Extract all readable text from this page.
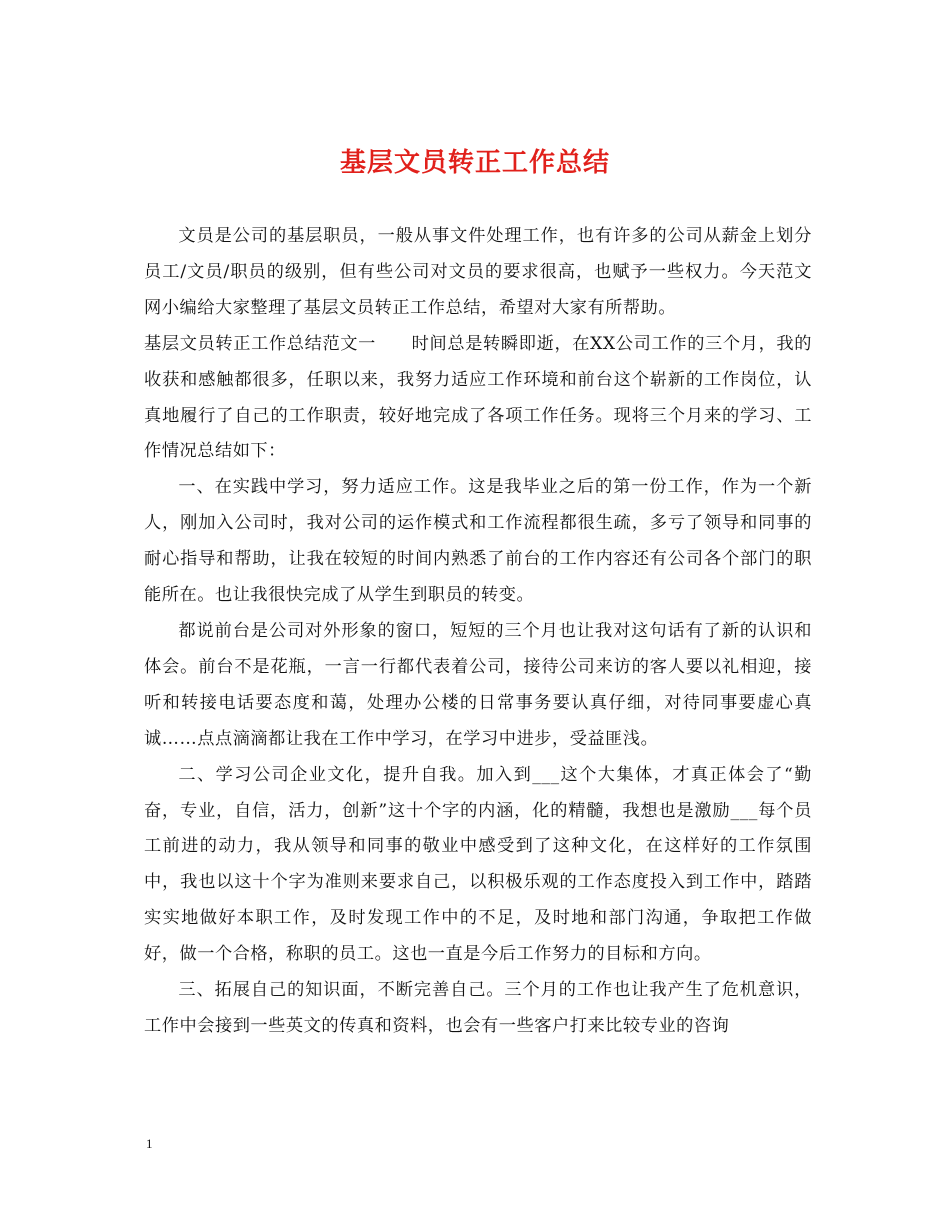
基层文员转正工作总结

文员是公司的基层职员，一般从事文件处理工作，也有许多的公司从薪金上划分员工/文员/职员的级别，但有些公司对文员的要求很高，也赋予一些权力。今天范文网小编给大家整理了基层文员转正工作总结，希望对大家有所帮助。

基层文员转正工作总结范文一　　时间总是转瞬即逝，在XX公司工作的三个月，我的收获和感触都很多，任职以来，我努力适应工作环境和前台这个崭新的工作岗位，认真地履行了自己的工作职责，较好地完成了各项工作任务。现将三个月来的学习、工作情况总结如下：

一、在实践中学习，努力适应工作。这是我毕业之后的第一份工作，作为一个新人，刚加入公司时，我对公司的运作模式和工作流程都很生疏，多亏了领导和同事的耐心指导和帮助，让我在较短的时间内熟悉了前台的工作内容还有公司各个部门的职能所在。也让我很快完成了从学生到职员的转变。

都说前台是公司对外形象的窗口，短短的三个月也让我对这句话有了新的认识和体会。前台不是花瓶，一言一行都代表着公司，接待公司来访的客人要以礼相迎，接听和转接电话要态度和蔼，处理办公楼的日常事务要认真仔细，对待同事要虚心真诚……点点滴滴都让我在工作中学习，在学习中进步，受益匪浅。

二、学习公司企业文化，提升自我。加入到___这个大集体，才真正体会了“勤奋，专业，自信，活力，创新”这十个字的内涵，化的精髓，我想也是激励___每个员工前进的动力，我从领导和同事的敬业中感受到了这种文化，在这样好的工作氛围中，我也以这十个字为准则来要求自己，以积极乐观的工作态度投入到工作中，踏踏实实地做好本职工作，及时发现工作中的不足，及时地和部门沟通，争取把工作做好，做一个合格，称职的员工。这也一直是今后工作努力的目标和方向。

三、拓展自己的知识面，不断完善自己。三个月的工作也让我产生了危机意识，工作中会接到一些英文的传真和资料，也会有一些客户打来比较专业的咨询

1
